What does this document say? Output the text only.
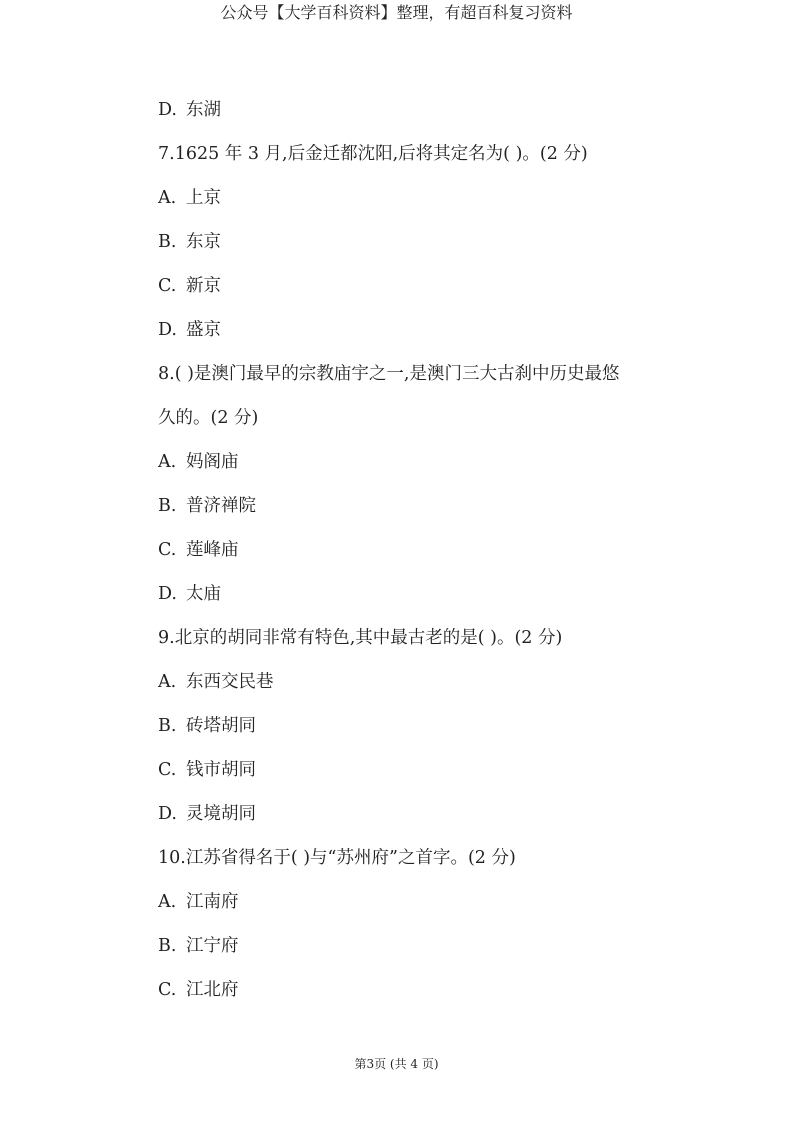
公众号【大学百科资料】整理，有超百科复习资料
D. 东湖
7.1625 年 3 月,后金迁都沈阳,后将其定名为( )。(2 分)
A. 上京
B. 东京
C. 新京
D. 盛京
8.( )是澳门最早的宗教庙宇之一,是澳门三大古刹中历史最悠
久的。(2 分)
A. 妈阁庙
B. 普济禅院
C. 莲峰庙
D. 太庙
9.北京的胡同非常有特色,其中最古老的是( )。(2 分)
A. 东西交民巷
B. 砖塔胡同
C. 钱市胡同
D. 灵境胡同
10.江苏省得名于( )与“苏州府”之首字。(2 分)
A. 江南府
B. 江宁府
C. 江北府
第3页 (共 4 页)
